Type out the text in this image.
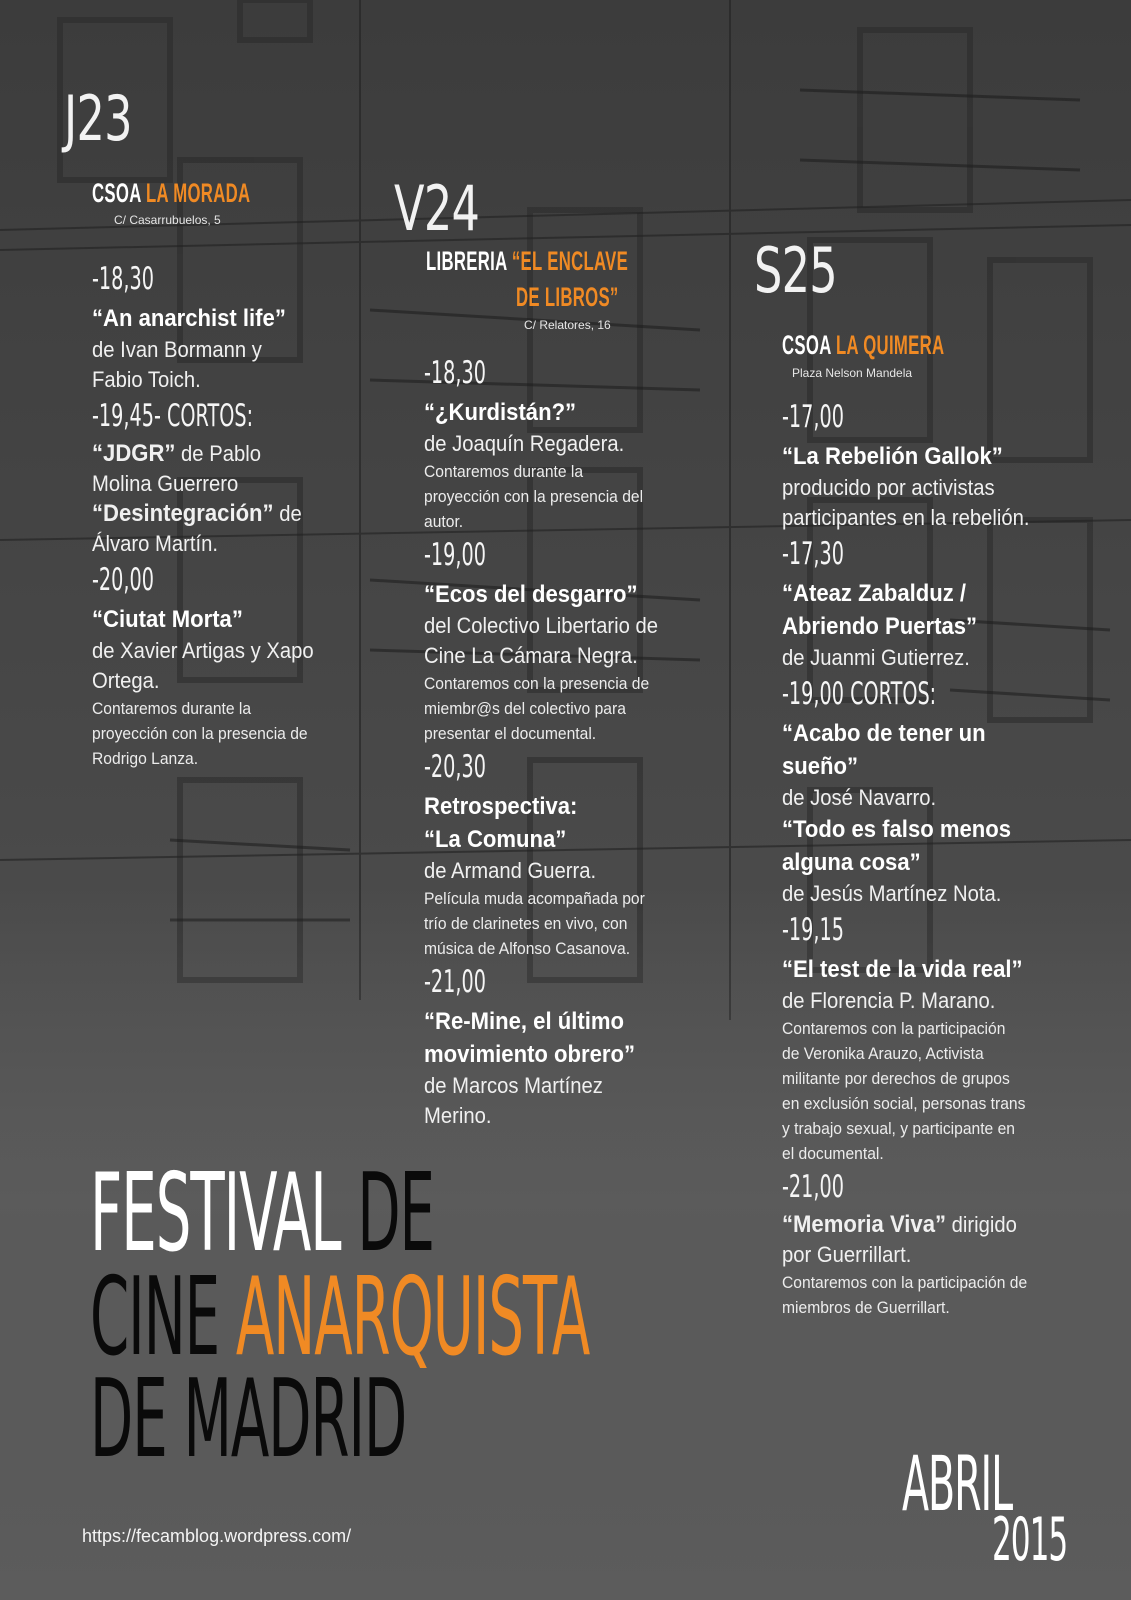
J23
CSOA LA MORADA
C/ Casarrubuelos, 5
-18,30
“An anarchist life”
de Ivan Bormann y
Fabio Toich.
-19,45- CORTOS:
“JDGR” de Pablo
Molina Guerrero
“Desintegración” de
Álvaro Martín.
-20,00
“Ciutat Morta”
de Xavier Artigas y Xapo
Ortega.
Contaremos durante la
proyección con la presencia de
Rodrigo Lanza.
V24
LIBRERIA “EL ENCLAVE
DE LIBROS”
C/ Relatores, 16
-18,30
“¿Kurdistán?”
de Joaquín Regadera.
Contaremos durante la
proyección con la presencia del
autor.
-19,00
“Ecos del desgarro”
del Colectivo Libertario de
Cine La Cámara Negra.
Contaremos con la presencia de
miembr@s del colectivo para
presentar el documental.
-20,30
Retrospectiva:
“La Comuna”
de Armand Guerra.
Película muda acompañada por
trío de clarinetes en vivo, con
música de Alfonso Casanova.
-21,00
“Re-Mine, el último
movimiento obrero”
de Marcos Martínez
Merino.
S25
CSOA LA QUIMERA
Plaza Nelson Mandela
-17,00
“La Rebelión Gallok”
producido por activistas
participantes en la rebelión.
-17,30
“Ateaz Zabalduz /
Abriendo Puertas”
de Juanmi Gutierrez.
-19,00 CORTOS:
“Acabo de tener un
sueño”
de José Navarro.
“Todo es falso menos
alguna cosa”
de Jesús Martínez Nota.
-19,15
“El test de la vida real”
de Florencia P. Marano.
Contaremos con la participación
de Veronika Arauzo, Activista
militante por derechos de grupos
en exclusión social, personas trans
y trabajo sexual, y participante en
el documental.
-21,00
“Memoria Viva” dirigido
por Guerrillart.
Contaremos con la participación de
miembros de Guerrillart.
FESTIVAL DE
CINE ANARQUISTA
DE MADRID
https://fecamblog.wordpress.com/
ABRIL
2015
